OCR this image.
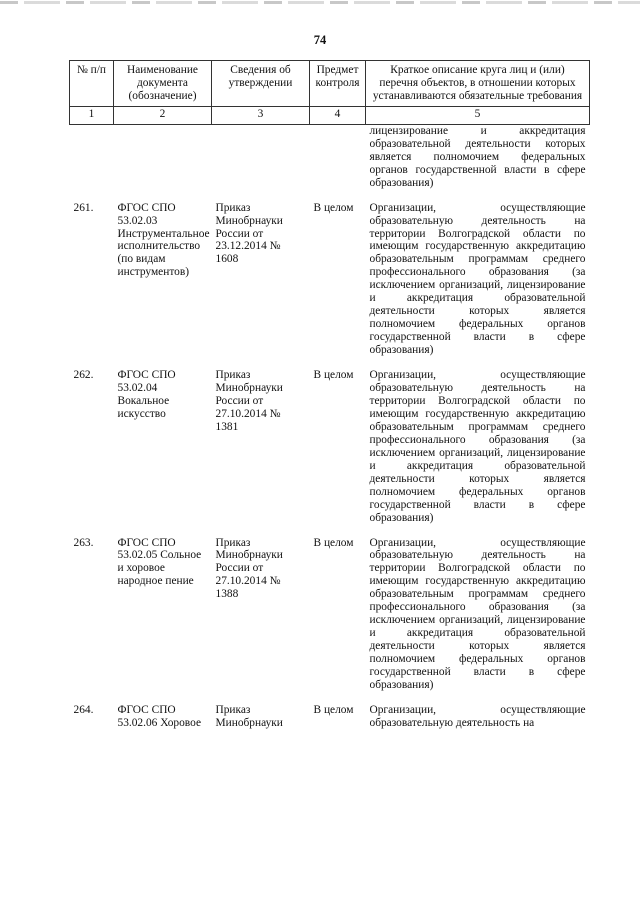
74
№ п/п	Наименование документа (обозначение)	Сведения об утверждении	Предмет контроля	Краткое описание круга лиц и (или) перечня объектов, в отношении которых устанавливаются обязательные требования
1	2	3	4	5
				лицензирование и аккредитация образовательной деятельности которых является полномочием федеральных органов государственной власти в сфере образования)

261.	ФГОС СПО 53.02.03 Инструментальное исполнительство (по видам инструментов)	Приказ Минобрнауки России от 23.12.2014 № 1608	В целом	Организации, осуществляющие образовательную деятельность на территории Волгоградской области по имеющим государственную аккредитацию образовательным программам среднего профессионального образования (за исключением организаций, лицензирование и аккредитация образовательной деятельности которых является полномочием федеральных органов государственной власти в сфере образования)

262.	ФГОС СПО 53.02.04 Вокальное искусство	Приказ Минобрнауки России от 27.10.2014 № 1381	В целом	Организации, осуществляющие образовательную деятельность на территории Волгоградской области по имеющим государственную аккредитацию образовательным программам среднего профессионального образования (за исключением организаций, лицензирование и аккредитация образовательной деятельности которых является полномочием федеральных органов государственной власти в сфере образования)

263.	ФГОС СПО 53.02.05 Сольное и хоровое народное пение	Приказ Минобрнауки России от 27.10.2014 № 1388	В целом	Организации, осуществляющие образовательную деятельность на территории Волгоградской области по имеющим государственную аккредитацию образовательным программам среднего профессионального образования (за исключением организаций, лицензирование и аккредитация образовательной деятельности которых является полномочием федеральных органов государственной власти в сфере образования)

264.	ФГОС СПО 53.02.06 Хоровое	Приказ Минобрнауки	В целом	Организации, осуществляющие образовательную деятельность на
